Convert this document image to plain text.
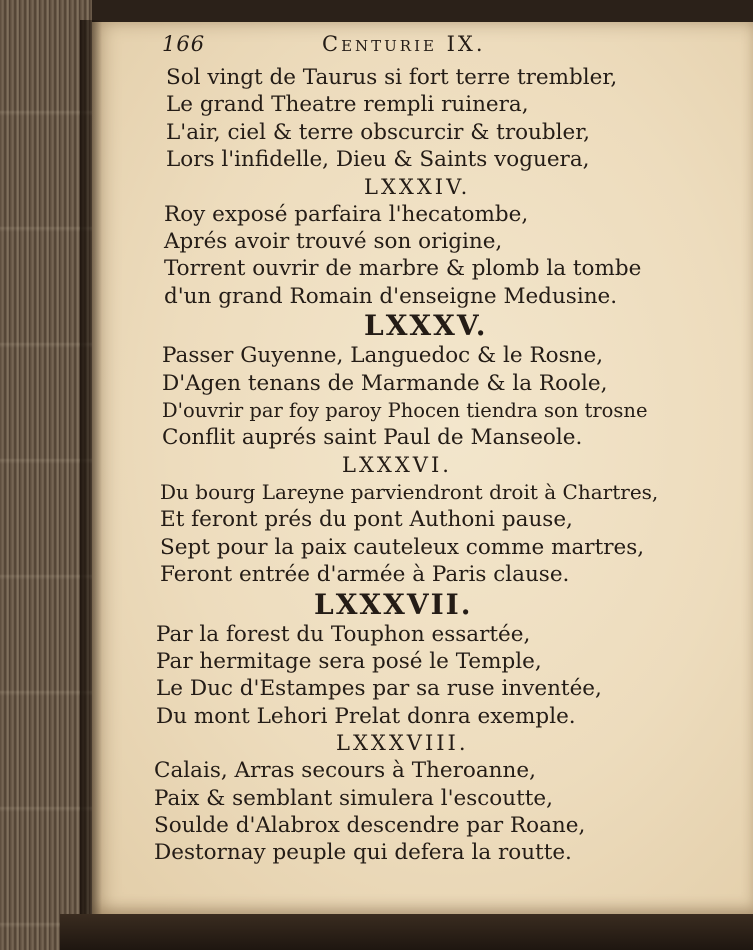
166	Centurie IX.
Sol vingt de Taurus si fort terre trembler,
Le grand Theatre rempli ruinera,
L'air, ciel & terre obscurcir & troubler,
Lors l'infidelle, Dieu & Saints voguera,
LXXXIV.
Roy exposé parfaira l'hecatombe,
Aprés avoir trouvé son origine,
Torrent ouvrir de marbre & plomb la tombe
d'un grand Romain d'enseigne Medusine.
LXXXV.
Passer Guyenne, Languedoc & le Rosne,
D'Agen tenans de Marmande & la Roole,
D'ouvrir par foy paroy Phocen tiendra son trosne
Conflit auprés saint Paul de Manseole.
LXXXVI.
Du bourg Lareyne parviendront droit à Chartres,
Et feront prés du pont Authoni pause,
Sept pour la paix cauteleux comme martres,
Feront entrée d'armée à Paris clause.
LXXXVII.
Par la forest du Touphon essartée,
Par hermitage sera posé le Temple,
Le Duc d'Estampes par sa ruse inventée,
Du mont Lehori Prelat donra exemple.
LXXXVIII.
Calais, Arras secours à Theroanne,
Paix & semblant simulera l'escoutte,
Soulde d'Alabrox descendre par Roane,
Destornay peuple qui defera la routte.
